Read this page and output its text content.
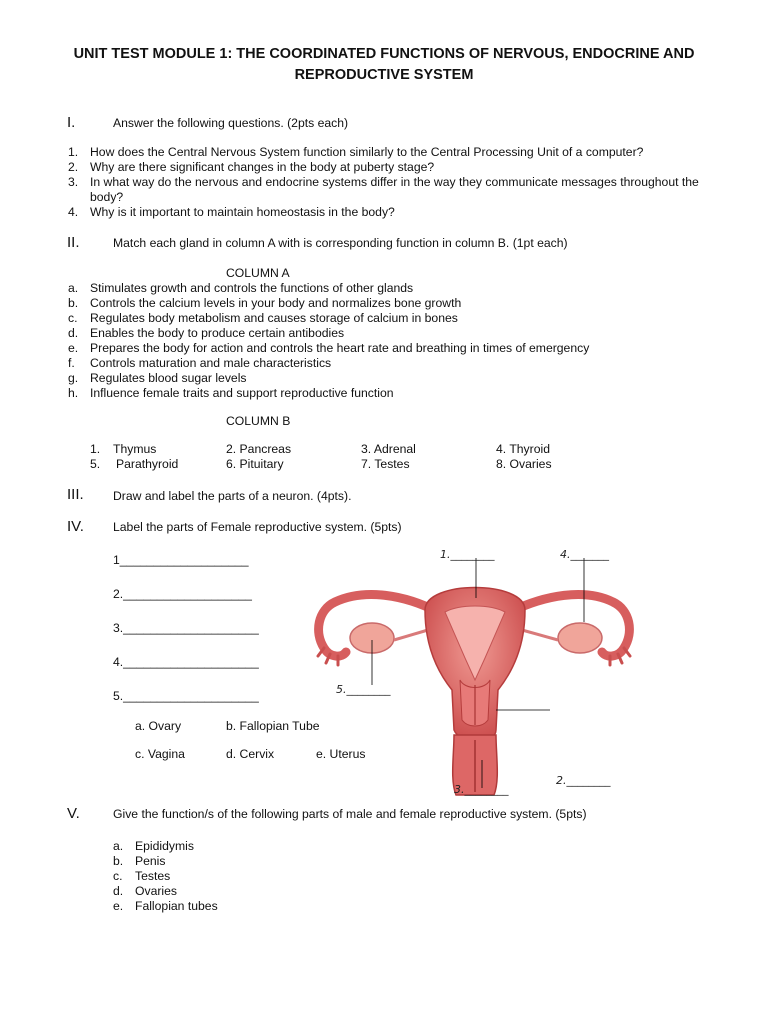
UNIT TEST MODULE 1: THE COORDINATED FUNCTIONS OF NERVOUS, ENDOCRINE AND
REPRODUCTIVE SYSTEM
I.	Answer the following questions. (2pts each)
1. How does the Central Nervous System function similarly to the Central Processing Unit of a computer?
2. Why are there significant changes in the body at puberty stage?
3. In what way do the nervous and endocrine systems differ in the way they communicate messages throughout the
body?
4. Why is it important to maintain homeostasis in the body?
II.	Match each gland in column A with is corresponding function in column B. (1pt each)
COLUMN A
a. Stimulates growth and controls the functions of other glands
b. Controls the calcium levels in your body and normalizes bone growth
c. Regulates body metabolism and causes storage of calcium in bones
d. Enables the body to produce certain antibodies
e. Prepares the body for action and controls the heart rate and breathing in times of emergency
f. Controls maturation and male characteristics
g. Regulates blood sugar levels
h. Influence female traits and support reproductive function
COLUMN B
1. Thymus	2. Pancreas	3. Adrenal	4. Thyroid
5. Parathyroid	6. Pituitary	7. Testes	8. Ovaries
III. Draw and label the parts of a neuron. (4pts).
IV. Label the parts of Female reproductive system. (5pts)
1___________________
2.___________________
3.____________________
4.____________________
5.____________________
a. Ovary	b. Fallopian Tube
c. Vagina	d. Cervix	e. Uterus
1.________
2.________
3.________
4._______
5.________
V.	Give the function/s of the following parts of male and female reproductive system. (5pts)
a. Epididymis
b. Penis
c. Testes
d. Ovaries
e. Fallopian tubes
